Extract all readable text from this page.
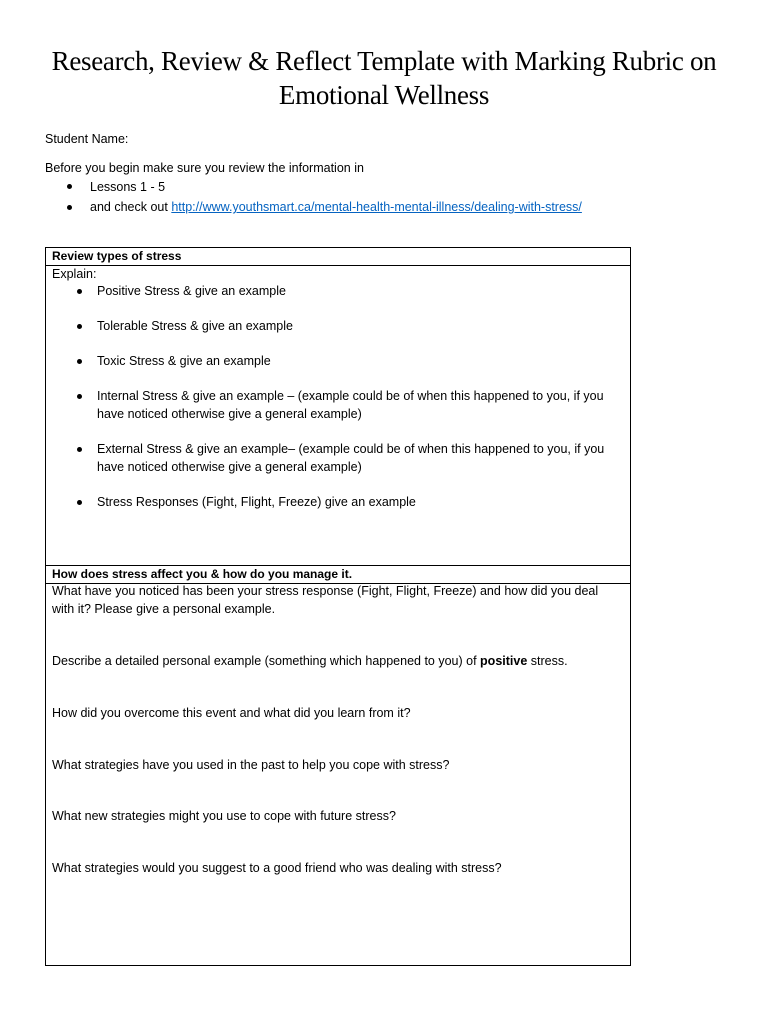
Research, Review & Reflect Template with Marking Rubric on
Emotional Wellness
Student Name:
Before you begin make sure you review the information in
Lessons 1 - 5
and check out http://www.youthsmart.ca/mental-health-mental-illness/dealing-with-stress/
Review types of stress
Explain:
Positive Stress & give an example
Tolerable Stress & give an example
Toxic Stress & give an example
Internal Stress & give an example – (example could be of when this happened to you, if you have noticed otherwise give a general example)
External Stress & give an example– (example could be of when this happened to you, if you have noticed otherwise give a general example)
Stress Responses (Fight, Flight, Freeze) give an example
How does stress affect you & how do you manage it.
What have you noticed has been your stress response (Fight, Flight, Freeze) and how did you deal with it? Please give a personal example.
Describe a detailed personal example (something which happened to you) of positive stress.
How did you overcome this event and what did you learn from it?
What strategies have you used in the past to help you cope with stress?
What new strategies might you use to cope with future stress?
What strategies would you suggest to a good friend who was dealing with stress?
